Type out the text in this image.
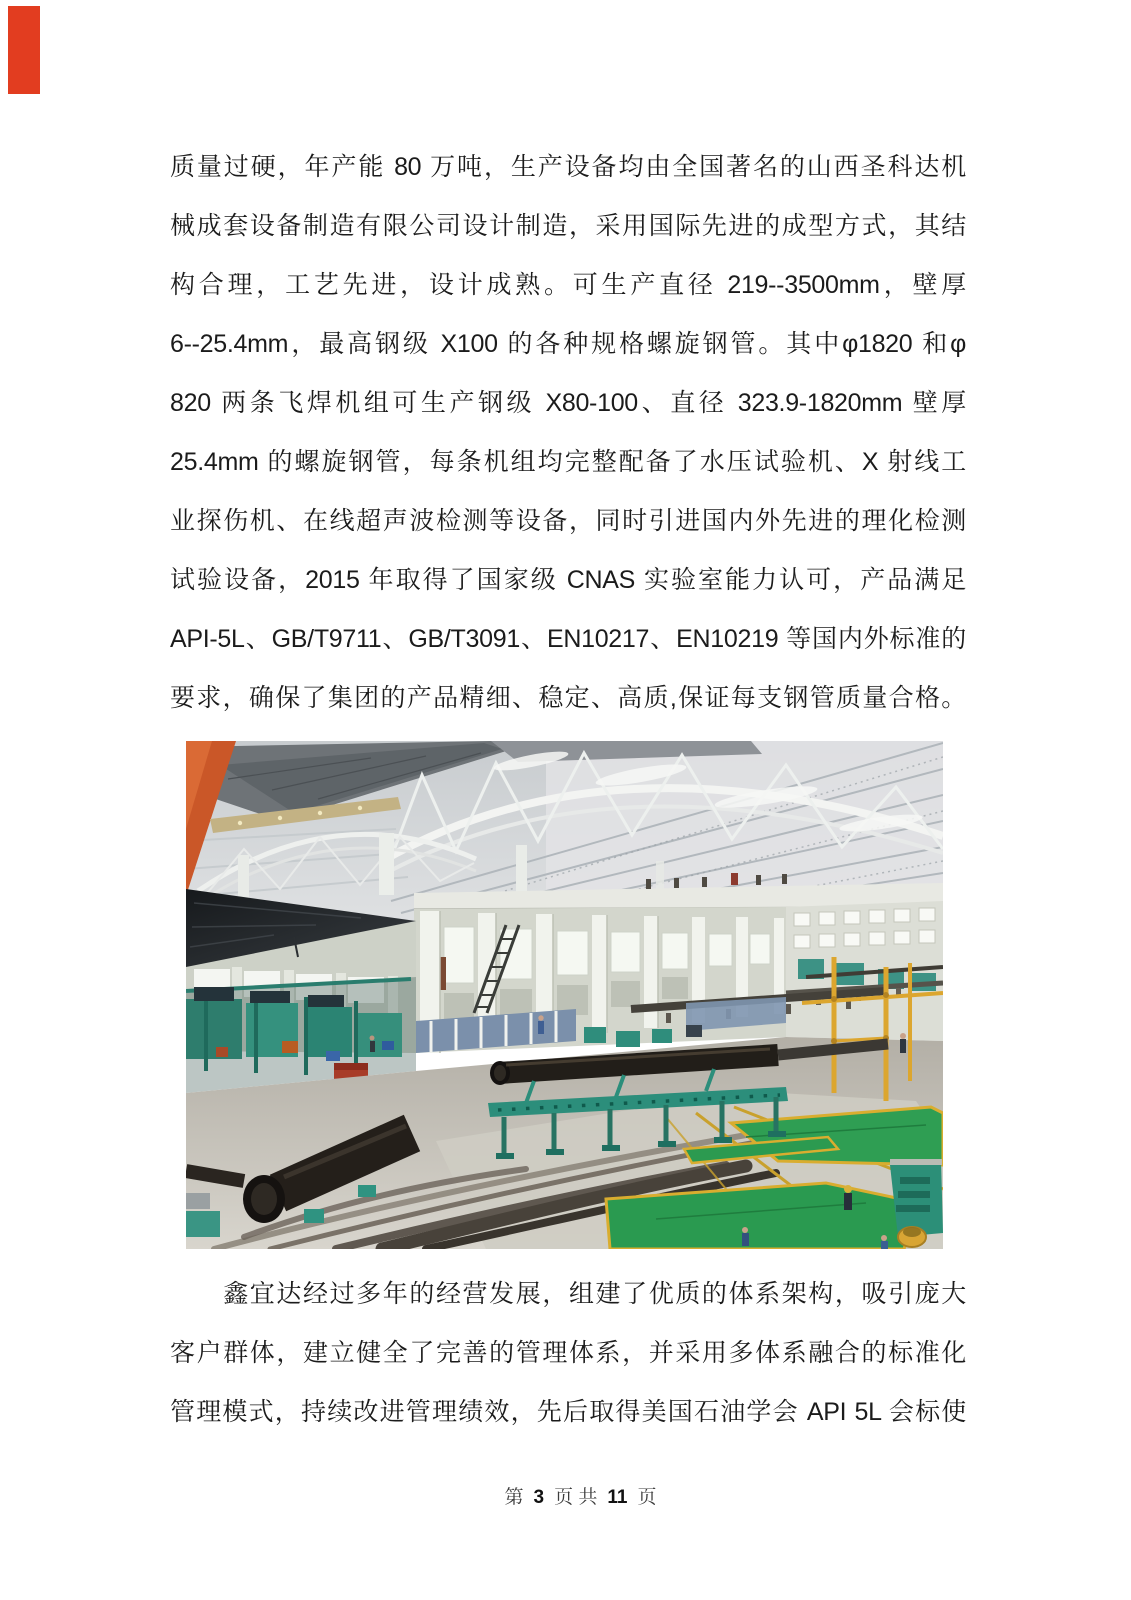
质量过硬，年产能 80 万吨，生产设备均由全国著名的山西圣科达机
械成套设备制造有限公司设计制造，采用国际先进的成型方式，其结
构合理，工艺先进，设计成熟。可生产直径 219--3500mm，壁厚
6--25.4mm，最高钢级 X100 的各种规格螺旋钢管。其中φ1820 和φ
820 两条飞焊机组可生产钢级 X80-100、直径 323.9-1820mm 壁厚
25.4mm 的螺旋钢管，每条机组均完整配备了水压试验机、X 射线工
业探伤机、在线超声波检测等设备，同时引进国内外先进的理化检测
试验设备，2015 年取得了国家级 CNAS 实验室能力认可，产品满足
API-5L、GB/T9711、GB/T3091、EN10217、EN10219 等国内外标准的
要求，确保了集团的产品精细、稳定、高质,保证每支钢管质量合格。
　　鑫宜达经过多年的经营发展，组建了优质的体系架构，吸引庞大
客户群体，建立健全了完善的管理体系，并采用多体系融合的标准化
管理模式，持续改进管理绩效，先后取得美国石油学会 API 5L 会标使
第 3 页 共 11 页
